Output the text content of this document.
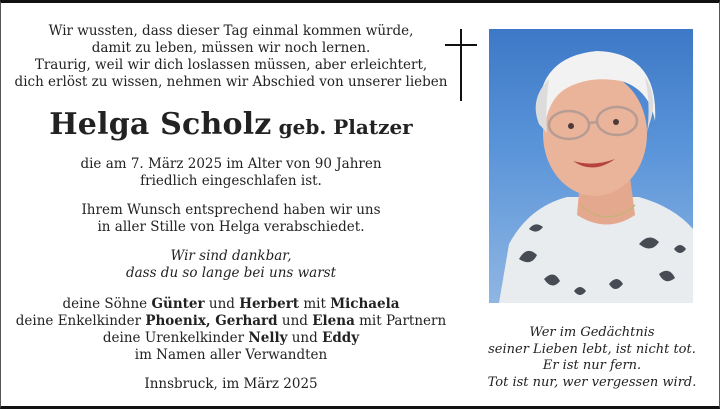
Wir wussten, dass dieser Tag einmal kommen würde,

damit zu leben, müssen wir noch lernen.

Traurig, weil wir dich loslassen müssen, aber erleichtert,

dich erlöst zu wissen, nehmen wir Abschied von unserer lieben

Helga Scholz geb. Platzer

die am 7. März 2025 im Alter von 90 Jahren

friedlich eingeschlafen ist.

Ihrem Wunsch entsprechend haben wir uns

in aller Stille von Helga verabschiedet.

Wir sind dankbar,

dass du so lange bei uns warst

deine Söhne Günter und Herbert mit Michaela

deine Enkelkinder Phoenix, Gerhard und Elena mit Partnern

deine Urenkelkinder Nelly und Eddy

im Namen aller Verwandten

Innsbruck, im März 2025

Wer im Gedächtnis

seiner Lieben lebt, ist nicht tot.

Er ist nur fern.

Tot ist nur, wer vergessen wird.
